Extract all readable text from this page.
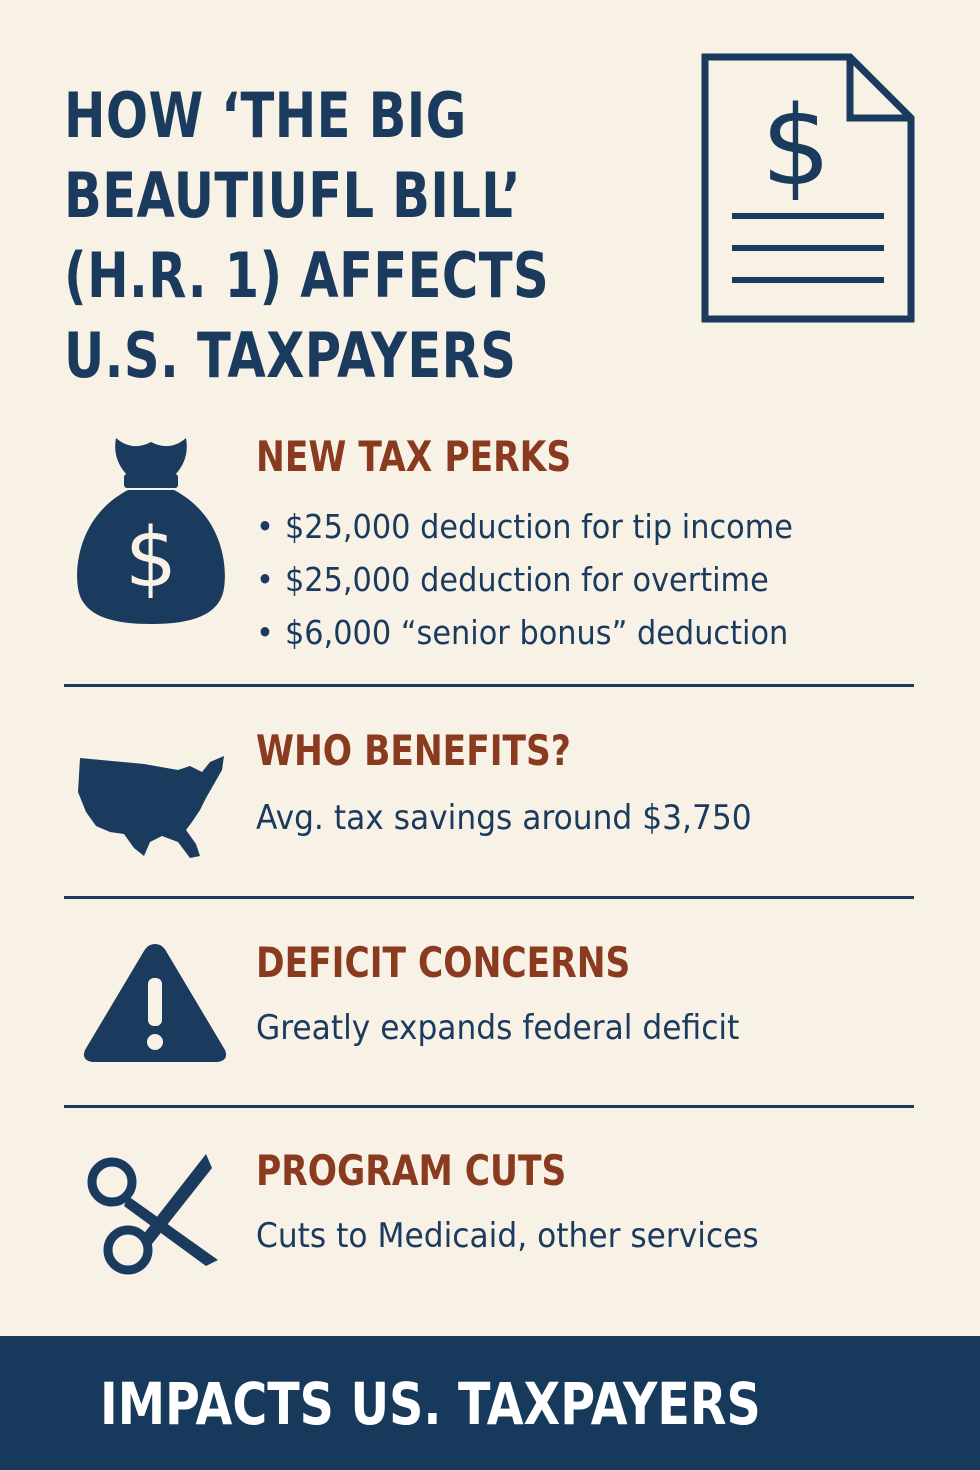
HOW ‘THE BIG
BEAUTIUFL BILL’
(H.R. 1) AFFECTS
U.S. TAXPAYERS
$
$
NEW TAX PERKS
• $25,000 deduction for tip income
• $25,000 deduction for overtime
• $6,000 “senior bonus” deduction
WHO BENEFITS?

Avg. tax savings around $3,750

DEFICIT CONCERNS

Greatly expands federal deficit

PROGRAM CUTS

Cuts to Medicaid, other services

IMPACTS US. TAXPAYERS
